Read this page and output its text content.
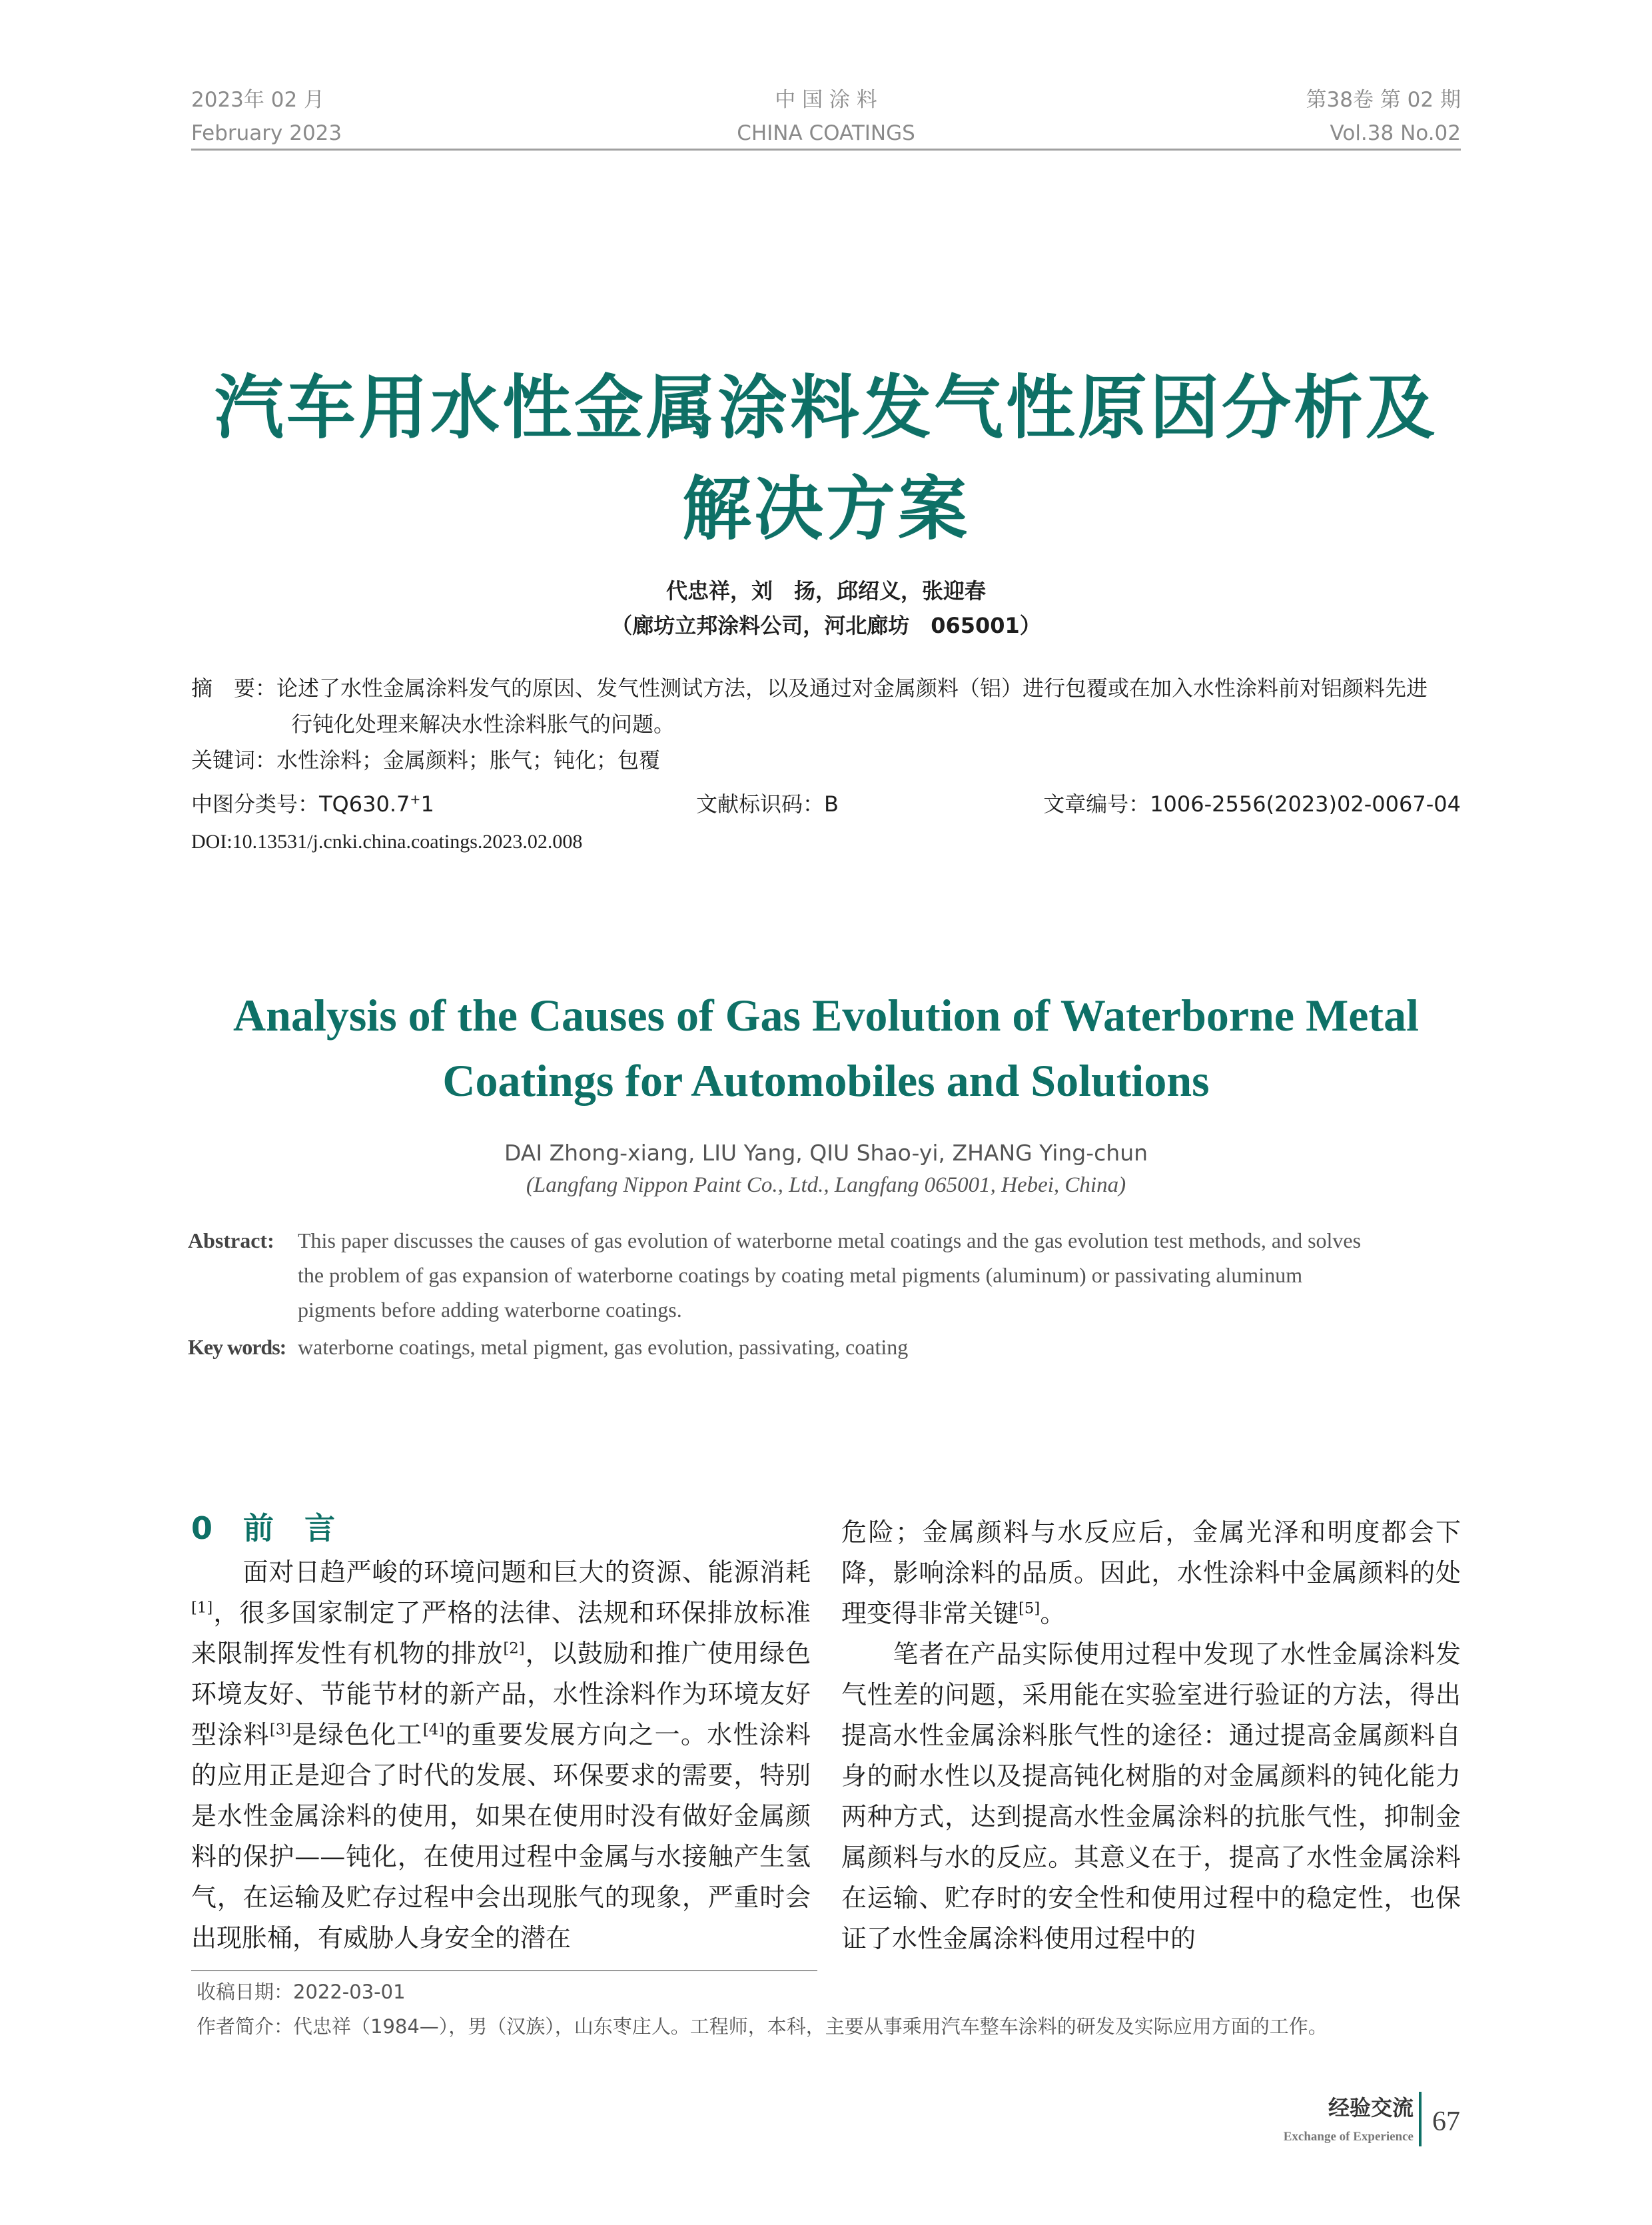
2023年 02 月
February 2023
中 国 涂 料
CHINA COATINGS
第38卷 第 02 期
Vol.38 No.02
汽车用水性金属涂料发气性原因分析及
解决方案
代忠祥，刘　扬，邱绍义，张迎春
（廊坊立邦涂料公司，河北廊坊　065001）
摘　要：论述了水性金属涂料发气的原因、发气性测试方法，以及通过对金属颜料（铝）进行包覆或在加入水性涂料前对铝颜料先进
行钝化处理来解决水性涂料胀气的问题。
关键词：水性涂料；金属颜料；胀气；钝化；包覆
中图分类号：TQ630.7+1	文献标识码：B	文章编号：1006-2556(2023)02-0067-04
DOI:10.13531/j.cnki.china.coatings.2023.02.008
Analysis of the Causes of Gas Evolution of Waterborne Metal
Coatings for Automobiles and Solutions
DAI Zhong-xiang, LIU Yang, QIU Shao-yi, ZHANG Ying-chun
(Langfang Nippon Paint Co., Ltd., Langfang 065001, Hebei, China)
Abstract: This paper discusses the causes of gas evolution of waterborne metal coatings and the gas evolution test methods, and solves
the problem of gas expansion of waterborne coatings by coating metal pigments (aluminum) or passivating aluminum
pigments before adding waterborne coatings.
Key words: waterborne coatings, metal pigment, gas evolution, passivating, coating
0　前　言

　　面对日趋严峻的环境问题和巨大的资源、能源消耗[1]，很多国家制定了严格的法律、法规和环保排放标准来限制挥发性有机物的排放[2]，以鼓励和推广使用绿色环境友好、节能节材的新产品，水性涂料作为环境友好型涂料[3]是绿色化工[4]的重要发展方向之一。水性涂料的应用正是迎合了时代的发展、环保要求的需要，特别是水性金属涂料的使用，如果在使用时没有做好金属颜料的保护——钝化，在使用过程中金属与水接触产生氢气，在运输及贮存过程中会出现胀气的现象，严重时会出现胀桶，有威胁人身安全的潜在

危险；金属颜料与水反应后，金属光泽和明度都会下降，影响涂料的品质。因此，水性涂料中金属颜料的处理变得非常关键[5]。

　　笔者在产品实际使用过程中发现了水性金属涂料发气性差的问题，采用能在实验室进行验证的方法，得出提高水性金属涂料胀气性的途径：通过提高金属颜料自身的耐水性以及提高钝化树脂的对金属颜料的钝化能力两种方式，达到提高水性金属涂料的抗胀气性，抑制金属颜料与水的反应。其意义在于，提高了水性金属涂料在运输、贮存时的安全性和使用过程中的稳定性，也保证了水性金属涂料使用过程中的

收稿日期：2022-03-01
作者简介：代忠祥（1984—），男（汉族），山东枣庄人。工程师，本科，主要从事乘用汽车整车涂料的研发及实际应用方面的工作。
经验交流
Exchange of Experience 67
